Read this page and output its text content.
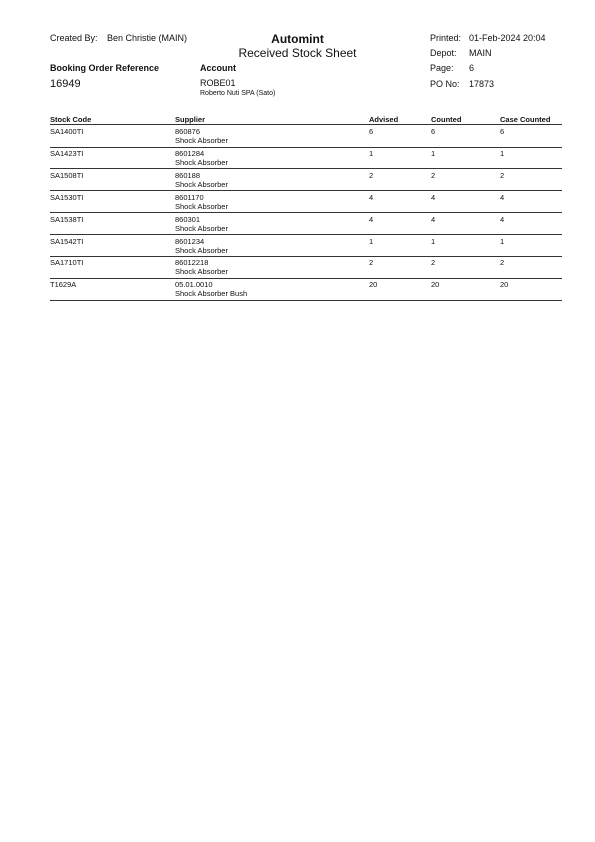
Created By: Ben Christie (MAIN)	Automint
Received Stock Sheet
Printed: 01-Feb-2024 20:04
Depot: MAIN
Page: 6
PO No: 17873
Booking Order Reference
16949
Account
ROBE01
Roberto Nuti SPA (Sato)
Stock Code	Supplier	Advised	Counted	Case Counted
SA1400TI	860876	6	6	6
Shock Absorber
SA1423TI	8601284	1	1	1
Shock Absorber
SA1508TI	860188	2	2	2
Shock Absorber
SA1530TI	8601170	4	4	4
Shock Absorber
SA1538TI	860301	4	4	4
Shock Absorber
SA1542TI	8601234	1	1	1
Shock Absorber
SA1710TI	86012218	2	2	2
Shock Absorber
T1629A	05.01.0010	20	20	20
Shock Absorber Bush
